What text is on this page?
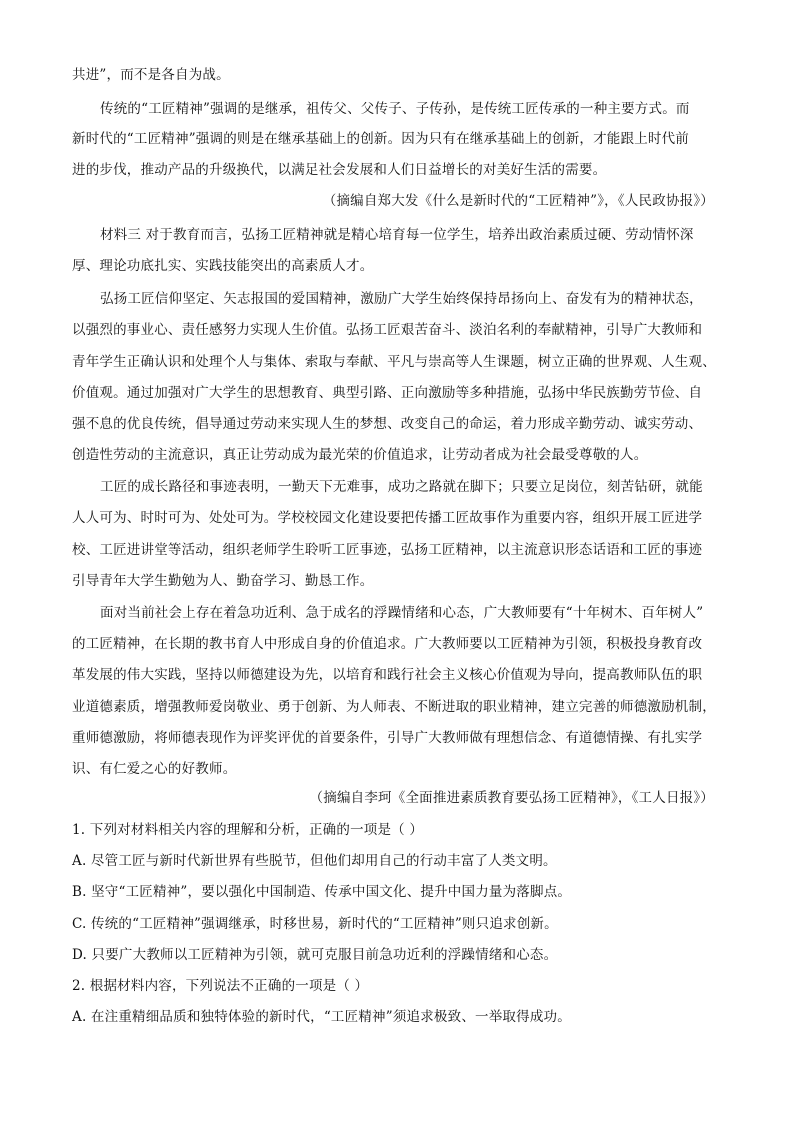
共进”，而不是各自为战。
传统的“工匠精神”强调的是继承，祖传父、父传子、子传孙，是传统工匠传承的一种主要方式。而
新时代的“工匠精神”强调的则是在继承基础上的创新。因为只有在继承基础上的创新，才能跟上时代前
进的步伐，推动产品的升级换代，以满足社会发展和人们日益增长的对美好生活的需要。
（摘编自郑大发《什么是新时代的“工匠精神”》，《人民政协报》）
材料三 对于教育而言，弘扬工匠精神就是精心培育每一位学生，培养出政治素质过硬、劳动情怀深
厚、理论功底扎实、实践技能突出的高素质人才。
弘扬工匠信仰坚定、矢志报国的爱国精神，激励广大学生始终保持昂扬向上、奋发有为的精神状态，
以强烈的事业心、责任感努力实现人生价值。弘扬工匠艰苦奋斗、淡泊名利的奉献精神，引导广大教师和
青年学生正确认识和处理个人与集体、索取与奉献、平凡与崇高等人生课题，树立正确的世界观、人生观、
价值观。通过加强对广大学生的思想教育、典型引路、正向激励等多种措施，弘扬中华民族勤劳节俭、自
强不息的优良传统，倡导通过劳动来实现人生的梦想、改变自己的命运，着力形成辛勤劳动、诚实劳动、
创造性劳动的主流意识，真正让劳动成为最光荣的价值追求，让劳动者成为社会最受尊敬的人。
工匠的成长路径和事迹表明，一勤天下无难事，成功之路就在脚下；只要立足岗位，刻苦钻研，就能
人人可为、时时可为、处处可为。学校校园文化建设要把传播工匠故事作为重要内容，组织开展工匠进学
校、工匠进讲堂等活动，组织老师学生聆听工匠事迹，弘扬工匠精神，以主流意识形态话语和工匠的事迹
引导青年大学生勤勉为人、勤奋学习、勤恳工作。
面对当前社会上存在着急功近利、急于成名的浮躁情绪和心态，广大教师要有“十年树木、百年树人”
的工匠精神，在长期的教书育人中形成自身的价值追求。广大教师要以工匠精神为引领，积极投身教育改
革发展的伟大实践，坚持以师德建设为先，以培育和践行社会主义核心价值观为导向，提高教师队伍的职
业道德素质，增强教师爱岗敬业、勇于创新、为人师表、不断进取的职业精神，建立完善的师德激励机制，
重师德激励，将师德表现作为评奖评优的首要条件，引导广大教师做有理想信念、有道德情操、有扎实学
识、有仁爱之心的好教师。
（摘编自李珂《全面推进素质教育要弘扬工匠精神》，《工人日报》）
1. 下列对材料相关内容的理解和分析，正确的一项是（ ）
A. 尽管工匠与新时代新世界有些脱节，但他们却用自己的行动丰富了人类文明。
B. 坚守“工匠精神”，要以强化中国制造、传承中国文化、提升中国力量为落脚点。
C. 传统的“工匠精神”强调继承，时移世易，新时代的“工匠精神”则只追求创新。
D. 只要广大教师以工匠精神为引领，就可克服目前急功近利的浮躁情绪和心态。
2. 根据材料内容，下列说法不正确的一项是（ ）
A. 在注重精细品质和独特体验的新时代，“工匠精神”须追求极致、一举取得成功。
